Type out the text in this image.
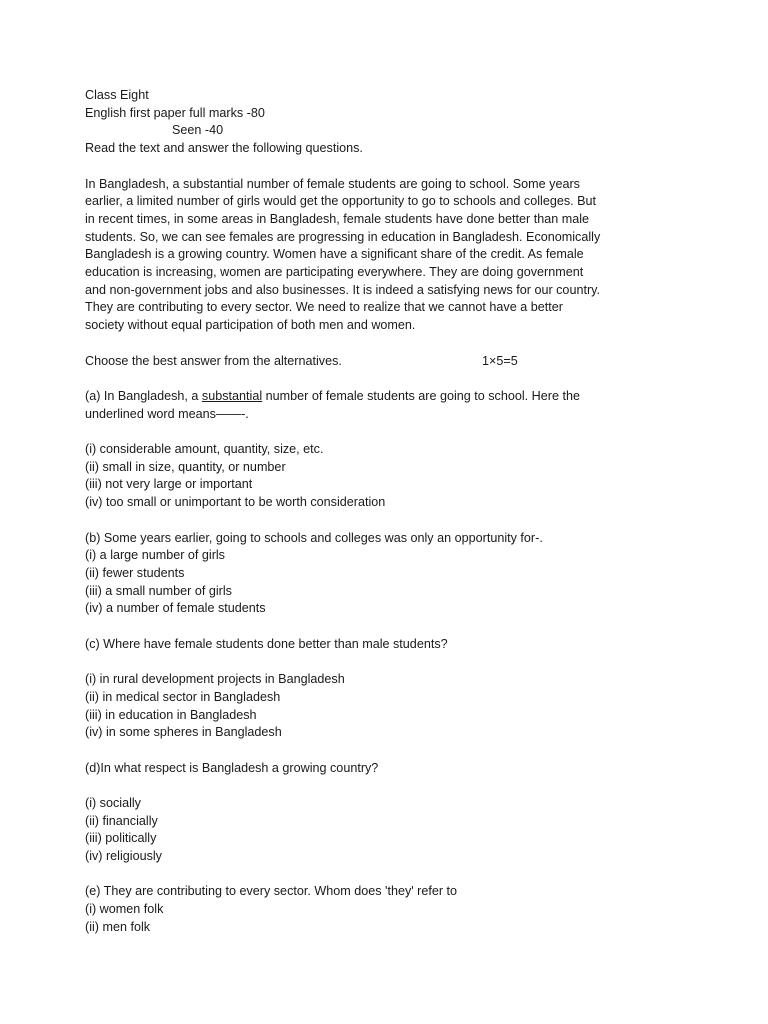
Class Eight
English first paper full marks -80
Seen -40
Read the text and answer the following questions.
In Bangladesh, a substantial number of female students are going to school. Some years
earlier, a limited number of girls would get the opportunity to go to schools and colleges. But
in recent times, in some areas in Bangladesh, female students have done better than male
students. So, we can see females are progressing in education in Bangladesh. Economically
Bangladesh is a growing country. Women have a significant share of the credit. As female
education is increasing, women are participating everywhere. They are doing government
and non-government jobs and also businesses. It is indeed a satisfying news for our country.
They are contributing to every sector. We need to realize that we cannot have a better
society without equal participation of both men and women.
Choose the best answer from the alternatives.	1×5=5
(a) In Bangladesh, a substantial number of female students are going to school. Here the
underlined word means——-.
(i) considerable amount, quantity, size, etc.
(ii) small in size, quantity, or number
(iii) not very large or important
(iv) too small or unimportant to be worth consideration
(b) Some years earlier, going to schools and colleges was only an opportunity for-.
(i) a large number of girls
(ii) fewer students
(iii) a small number of girls
(iv) a number of female students
(c) Where have female students done better than male students?
(i) in rural development projects in Bangladesh
(ii) in medical sector in Bangladesh
(iii) in education in Bangladesh
(iv) in some spheres in Bangladesh
(d)In what respect is Bangladesh a growing country?
(i) socially
(ii) financially
(iii) politically
(iv) religiously
(e) They are contributing to every sector. Whom does 'they' refer to
(i) women folk
(ii) men folk
